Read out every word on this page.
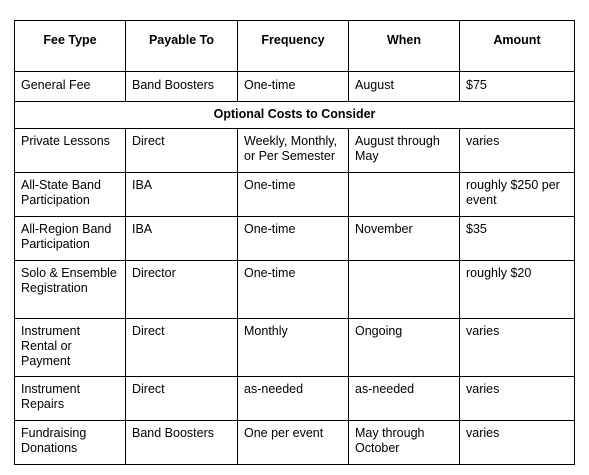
Fee Type	Payable To	Frequency	When	Amount
General Fee	Band Boosters	One-time	August	$75
Optional Costs to Consider				
Private Lessons	Direct	Weekly, Monthly, or Per Semester	August through May	varies
All-State Band Participation	IBA	One-time		roughly $250 per event
All-Region Band Participation	IBA	One-time	November	$35
Solo & Ensemble Registration	Director	One-time		roughly $20
Instrument Rental or Payment	Direct	Monthly	Ongoing	varies
Instrument Repairs	Direct	as-needed	as-needed	varies
Fundraising Donations	Band Boosters	One per event	May through October	varies
